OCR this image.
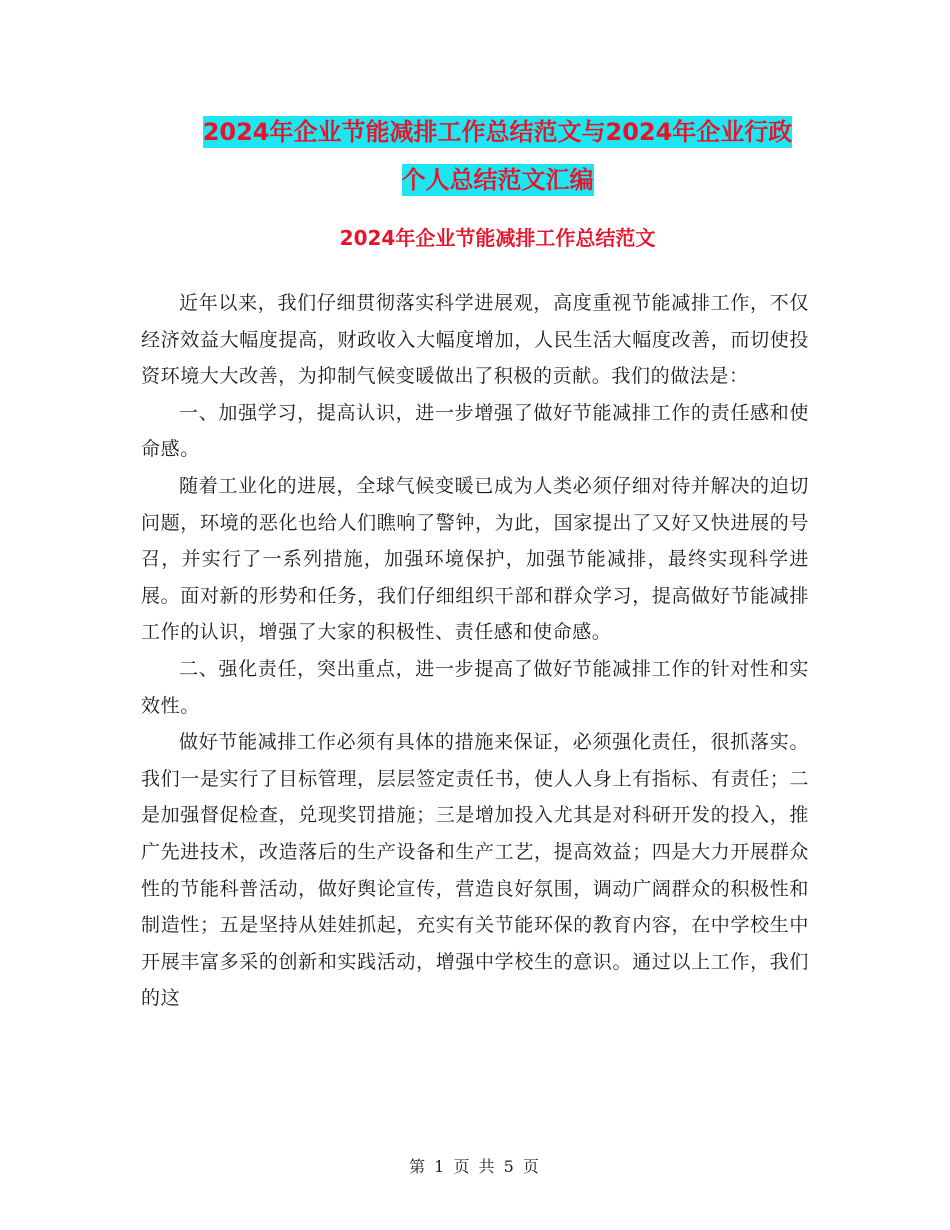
2024年企业节能减排工作总结范文与2024年企业行政
个人总结范文汇编
2024年企业节能减排工作总结范文

近年以来，我们仔细贯彻落实科学进展观，高度重视节能减排工作，不仅经济效益大幅度提高，财政收入大幅度增加，人民生活大幅度改善，而切使投资环境大大改善，为抑制气候变暖做出了积极的贡献。我们的做法是：

一、加强学习，提高认识，进一步增强了做好节能减排工作的责任感和使命感。

随着工业化的进展，全球气候变暖已成为人类必须仔细对待并解决的迫切问题，环境的恶化也给人们瞧响了警钟，为此，国家提出了又好又快进展的号召，并实行了一系列措施，加强环境保护，加强节能减排，最终实现科学进展。面对新的形势和任务，我们仔细组织干部和群众学习，提高做好节能减排工作的认识，增强了大家的积极性、责任感和使命感。

二、强化责任，突出重点，进一步提高了做好节能减排工作的针对性和实效性。

做好节能减排工作必须有具体的措施来保证，必须强化责任，很抓落实。我们一是实行了目标管理，层层签定责任书，使人人身上有指标、有责任；二是加强督促检查，兑现奖罚措施；三是增加投入尤其是对科研开发的投入，推广先进技术，改造落后的生产设备和生产工艺，提高效益；四是大力开展群众性的节能科普活动，做好舆论宣传，营造良好氛围，调动广阔群众的积极性和制造性；五是坚持从娃娃抓起，充实有关节能环保的教育内容，在中学校生中开展丰富多采的创新和实践活动，增强中学校生的意识。通过以上工作，我们的这

第 1 页 共 5 页
